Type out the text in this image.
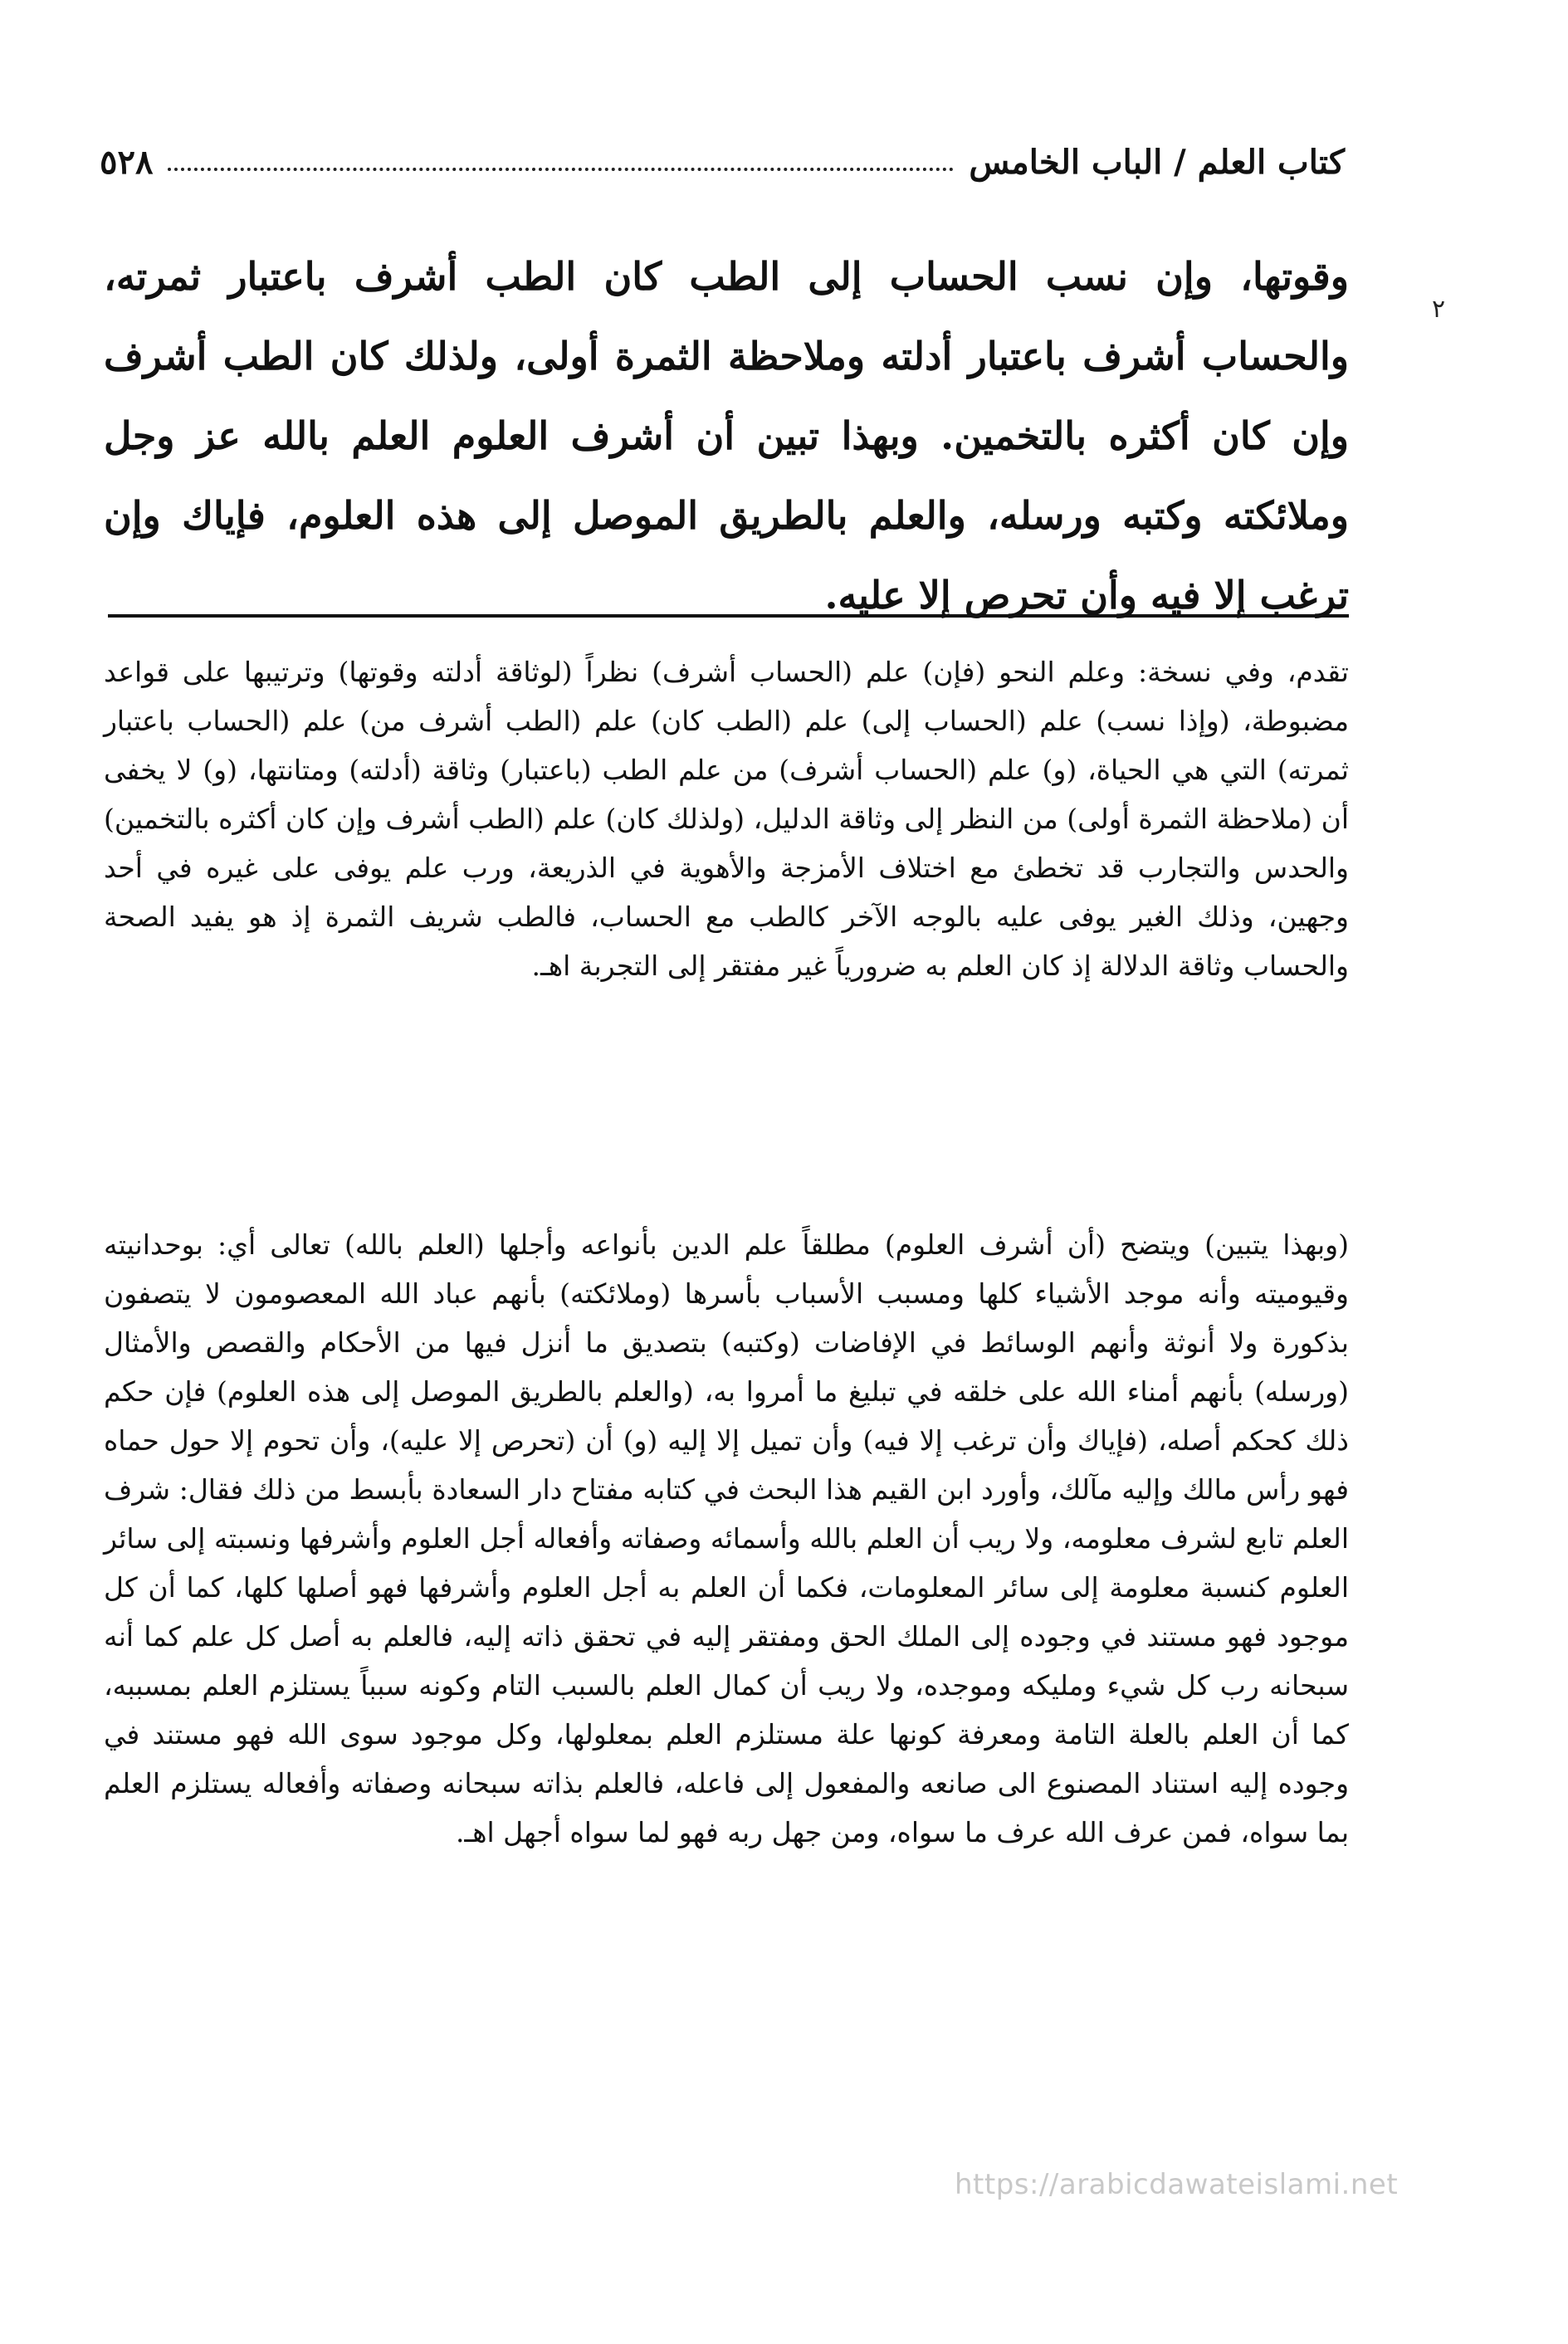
كتاب العلم / الباب الخامس
٥٢٨
٢

وقوتها، وإن نسب الحساب إلى الطب كان الطب أشرف باعتبار ثمرته، والحساب أشرف باعتبار أدلته وملاحظة الثمرة أولى، ولذلك كان الطب أشرف وإن كان أكثره بالتخمين. وبهذا تبين أن أشرف العلوم العلم بالله عز وجل وملائكته وكتبه ورسله، والعلم بالطريق الموصل إلى هذه العلوم، فإياك وإن ترغب إلا فيه وأن تحرص إلا عليه.

تقدم، وفي نسخة: وعلم النحو (فإن) علم (الحساب أشرف) نظراً (لوثاقة أدلته وقوتها) وترتيبها على قواعد مضبوطة، (وإذا نسب) علم (الحساب إلى) علم (الطب كان) علم (الطب أشرف من) علم (الحساب باعتبار ثمرته) التي هي الحياة، (و) علم (الحساب أشرف) من علم الطب (باعتبار) وثاقة (أدلته) ومتانتها، (و) لا يخفى أن (ملاحظة الثمرة أولى) من النظر إلى وثاقة الدليل، (ولذلك كان) علم (الطب أشرف وإن كان أكثره بالتخمين) والحدس والتجارب قد تخطئ مع اختلاف الأمزجة والأهوية في الذريعة، ورب علم يوفى على غيره في أحد وجهين، وذلك الغير يوفى عليه بالوجه الآخر كالطب مع الحساب، فالطب شريف الثمرة إذ هو يفيد الصحة والحساب وثاقة الدلالة إذ كان العلم به ضرورياً غير مفتقر إلى التجربة اهـ.

(وبهذا يتبين) ويتضح (أن أشرف العلوم) مطلقاً علم الدين بأنواعه وأجلها (العلم بالله) تعالى أي: بوحدانيته وقيوميته وأنه موجد الأشياء كلها ومسبب الأسباب بأسرها (وملائكته) بأنهم عباد الله المعصومون لا يتصفون بذكورة ولا أنوثة وأنهم الوسائط في الإفاضات (وكتبه) بتصديق ما أنزل فيها من الأحكام والقصص والأمثال (ورسله) بأنهم أمناء الله على خلقه في تبليغ ما أمروا به، (والعلم بالطريق الموصل إلى هذه العلوم) فإن حكم ذلك كحكم أصله، (فإياك وأن ترغب إلا فيه) وأن تميل إلا إليه (و) أن (تحرص إلا عليه)، وأن تحوم إلا حول حماه فهو رأس مالك وإليه مآلك، وأورد ابن القيم هذا البحث في كتابه مفتاح دار السعادة بأبسط من ذلك فقال: شرف العلم تابع لشرف معلومه، ولا ريب أن العلم بالله وأسمائه وصفاته وأفعاله أجل العلوم وأشرفها ونسبته إلى سائر العلوم كنسبة معلومة إلى سائر المعلومات، فكما أن العلم به أجل العلوم وأشرفها فهو أصلها كلها، كما أن كل موجود فهو مستند في وجوده إلى الملك الحق ومفتقر إليه في تحقق ذاته إليه، فالعلم به أصل كل علم كما أنه سبحانه رب كل شيء ومليكه وموجده، ولا ريب أن كمال العلم بالسبب التام وكونه سبباً يستلزم العلم بمسببه، كما أن العلم بالعلة التامة ومعرفة كونها علة مستلزم العلم بمعلولها، وكل موجود سوى الله فهو مستند في وجوده إليه استناد المصنوع الى صانعه والمفعول إلى فاعله، فالعلم بذاته سبحانه وصفاته وأفعاله يستلزم العلم بما سواه، فمن عرف الله عرف ما سواه، ومن جهل ربه فهو لما سواه أجهل اهـ.

https://arabicdawateislami.net
